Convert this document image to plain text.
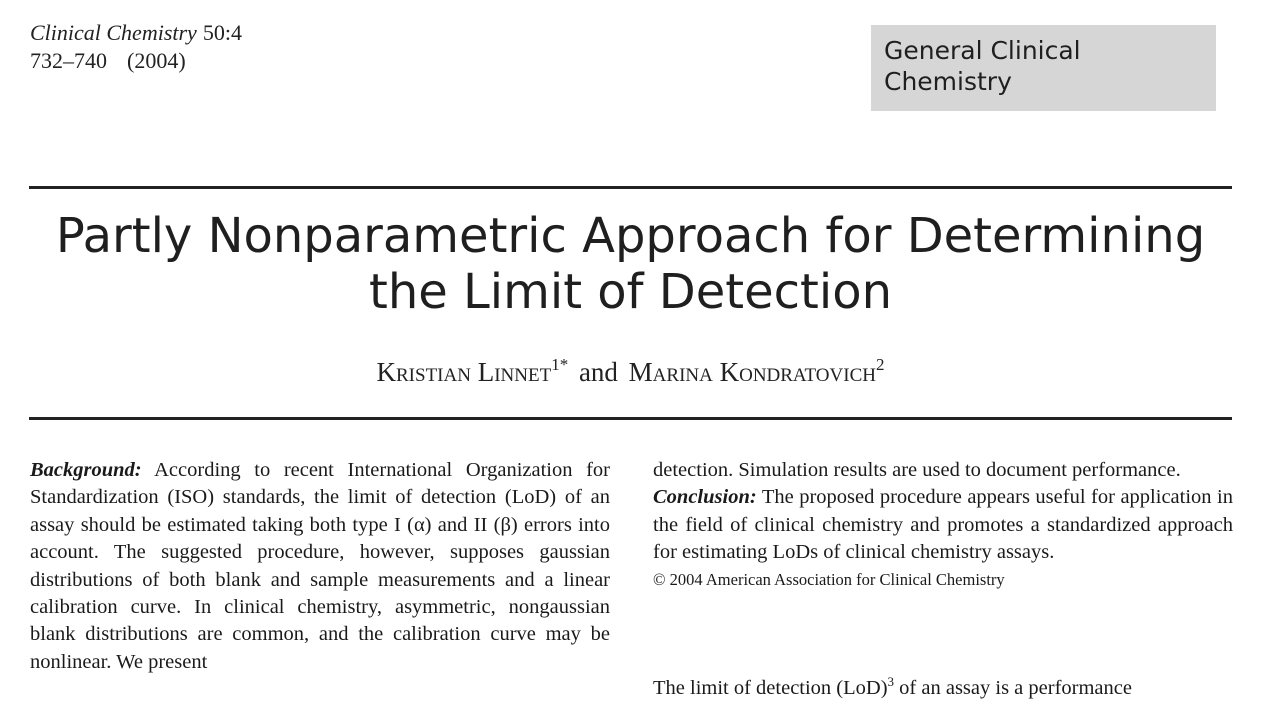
Clinical Chemistry 50:4
732–740 (2004)	General Clinical
Chemistry
Partly Nonparametric Approach for Determining
the Limit of Detection
Kristian Linnet$^{1*}$ and Marina Kondratovich$^2$

Background: According to recent International Organization for Standardization (ISO) standards, the limit of detection (LoD) of an assay should be estimated taking both type I (α) and II (β) errors into account. The suggested procedure, however, supposes gaussian distributions of both blank and sample measurements and a linear calibration curve. In clinical chemistry, asymmetric, nongaussian blank distributions are common, and the calibration curve may be nonlinear. We present

detection. Simulation results are used to document performance.

Conclusion: The proposed procedure appears useful for application in the field of clinical chemistry and promotes a standardized approach for estimating LoDs of clinical chemistry assays.

© 2004 American Association for Clinical Chemistry

The limit of detection (LoD)$^3$ of an assay is a performance
